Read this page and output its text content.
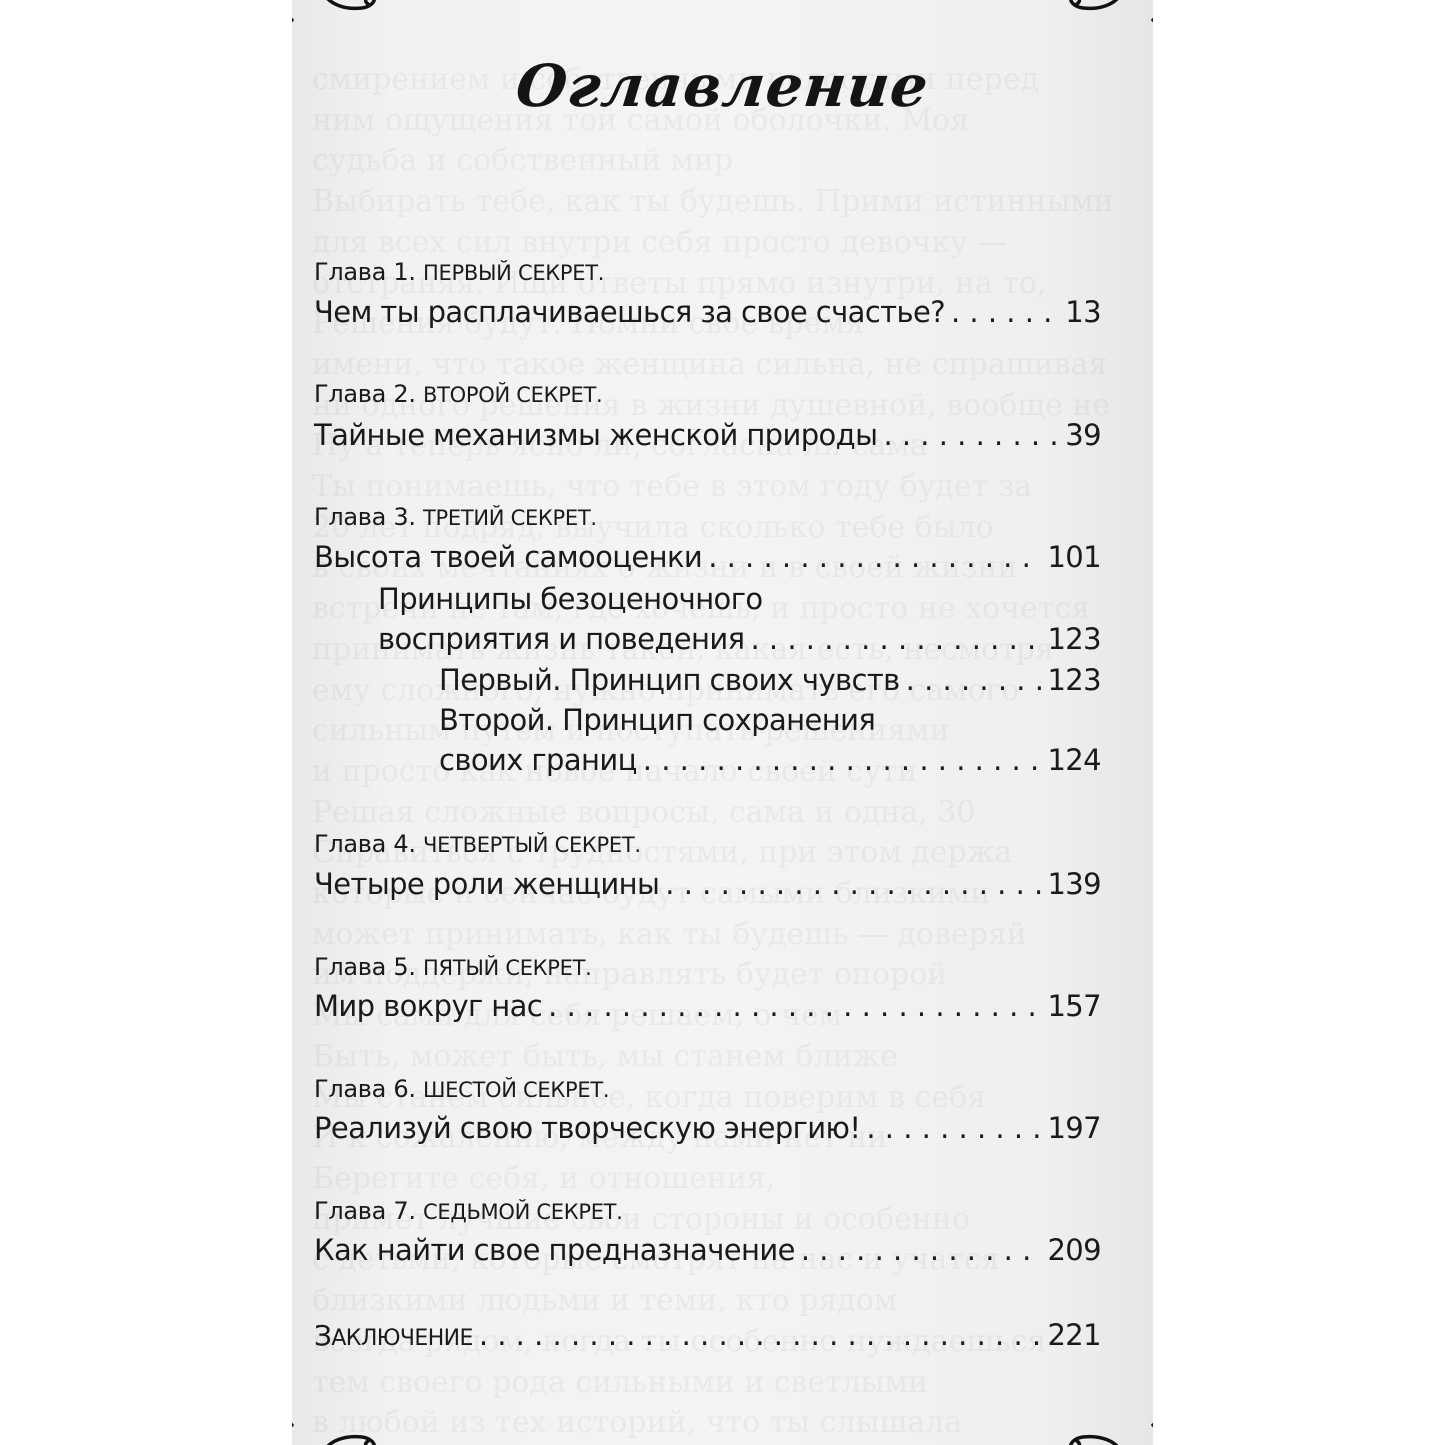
Оглавление
Глава 1. ПЕРВЫЙ СЕКРЕТ.
Чем ты расплачиваешься за свое счастье? . . .	13
Глава 2. ВТОРОЙ СЕКРЕТ.
Тайные механизмы женской природы . . .	39
Глава 3. ТРЕТИЙ СЕКРЕТ.
Высота твоей самооценки . . .	101
Принципы безоценочного
восприятия и поведения . . .	123
Первый. Принцип своих чувств . . .	123
Второй. Принцип сохранения
своих границ . . .	124
Глава 4. ЧЕТВЕРТЫЙ СЕКРЕТ.
Четыре роли женщины . . .	139
Глава 5. ПЯТЫЙ СЕКРЕТ.
Мир вокруг нас . . .	157
Глава 6. ШЕСТОЙ СЕКРЕТ.
Реализуй свою творческую энергию! . . .	197
Глава 7. СЕДЬМОЙ СЕКРЕТ.
Как найти свое предназначение . . .	209
ЗАКЛЮЧЕНИЕ . . .	221
